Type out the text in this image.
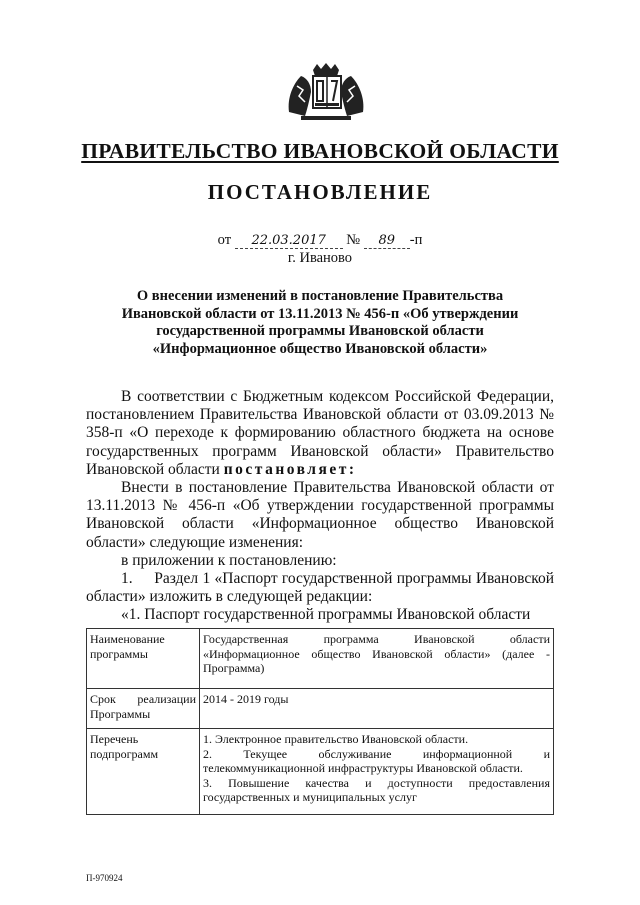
ПРАВИТЕЛЬСТВО ИВАНОВСКОЙ ОБЛАСТИ
ПОСТАНОВЛЕНИЕ
от 22.03.2017 № 89 -п
г. Иваново
О внесении изменений в постановление Правительства Ивановской области от 13.11.2013 № 456-п «Об утверждении государственной программы Ивановской области «Информационное общество Ивановской области»

В соответствии с Бюджетным кодексом Российской Федерации, постановлением Правительства Ивановской области от 03.09.2013 № 358-п «О переходе к формированию областного бюджета на основе государственных программ Ивановской области» Правительство Ивановской области постановляет:

Внести в постановление Правительства Ивановской области от 13.11.2013 № 456-п «Об утверждении государственной программы Ивановской области «Информационное общество Ивановской области» следующие изменения:

в приложении к постановлению:

1.     Раздел 1 «Паспорт государственной программы Ивановской области» изложить в следующей редакции:

«1. Паспорт государственной программы Ивановской области

Наименование программы	Государственная программа Ивановской области «Информационное общество Ивановской области» (далее - Программа)
Срок реализации Программы	2014 - 2019 годы
Перечень подпрограмм	1. Электронное правительство Ивановской области.
2. Текущее обслуживание информационной и телекоммуникационной инфраструктуры Ивановской области.
3. Повышение качества и доступности предоставления государственных и муниципальных услуг
П-970924
